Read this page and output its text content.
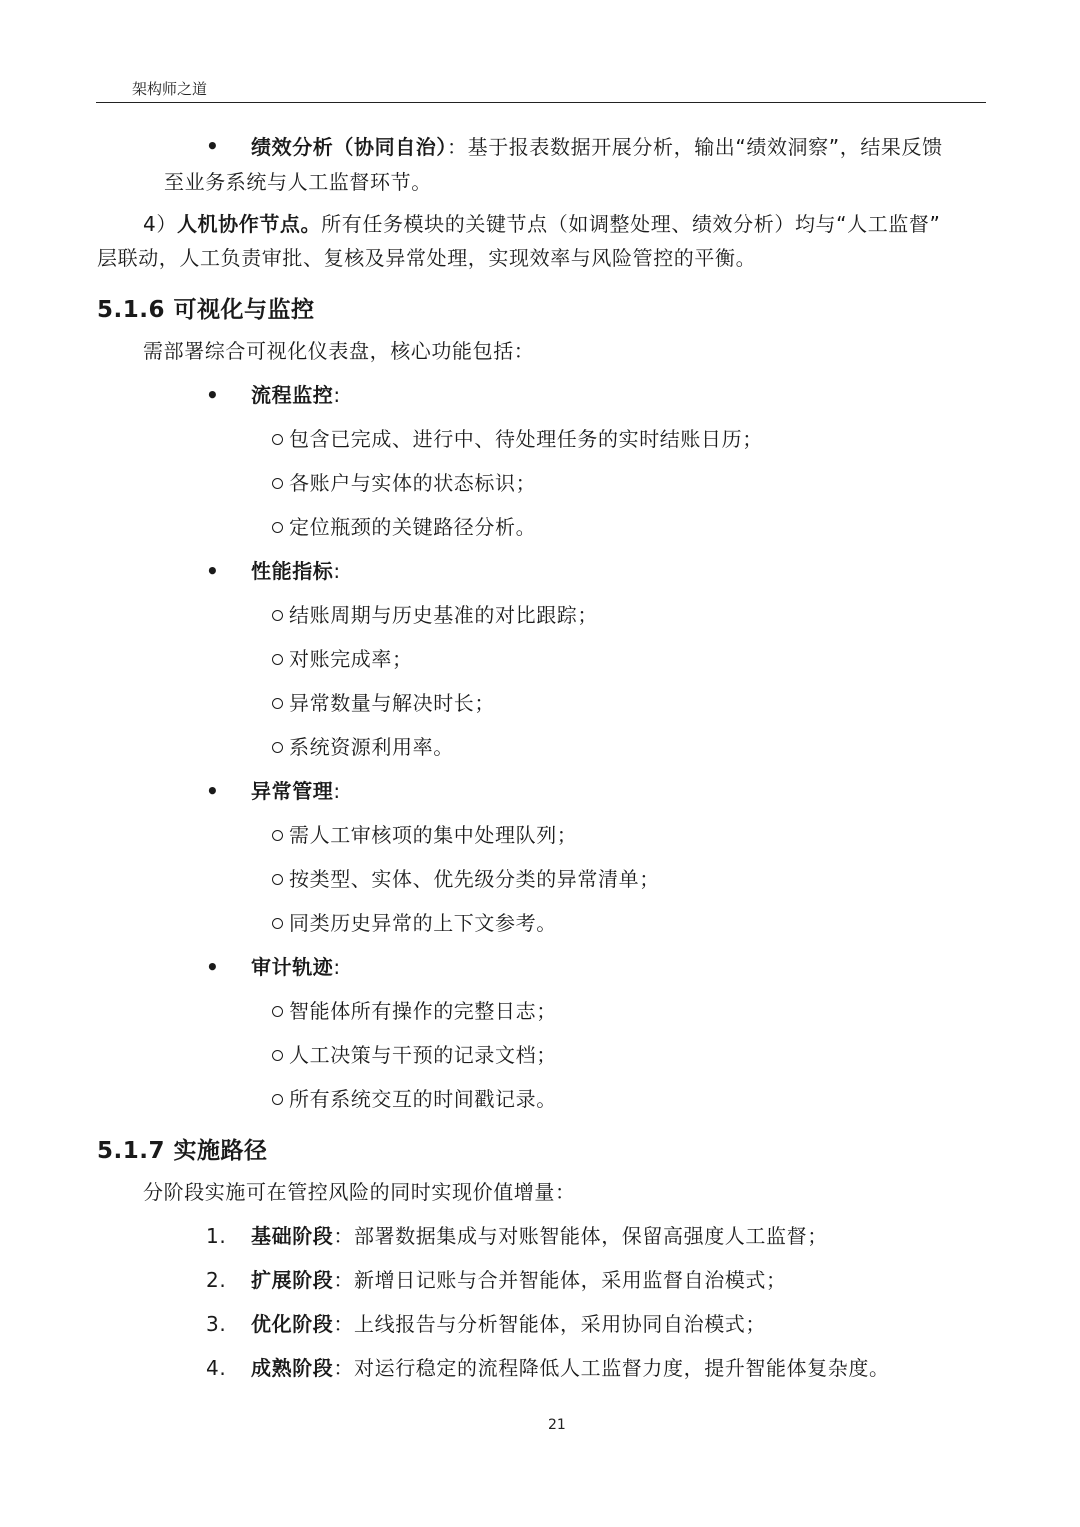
架构师之道
• 绩效分析（协同自治）：基于报表数据开展分析，输出“绩效洞察”，结果反馈
至业务系统与人工监督环节。
4）人机协作节点。所有任务模块的关键节点（如调整处理、绩效分析）均与“人工监督”
层联动，人工负责审批、复核及异常处理，实现效率与风险管控的平衡。
5.1.6 可视化与监控
需部署综合可视化仪表盘，核心功能包括：
• 流程监控:
包含已完成、进行中、待处理任务的实时结账日历；
各账户与实体的状态标识；
定位瓶颈的关键路径分析。
• 性能指标:
结账周期与历史基准的对比跟踪；
对账完成率；
异常数量与解决时长；
系统资源利用率。
• 异常管理:
需人工审核项的集中处理队列；
按类型、实体、优先级分类的异常清单；
同类历史异常的上下文参考。
• 审计轨迹:
智能体所有操作的完整日志；
人工决策与干预的记录文档；
所有系统交互的时间戳记录。
5.1.7 实施路径
分阶段实施可在管控风险的同时实现价值增量：
1. 基础阶段：部署数据集成与对账智能体，保留高强度人工监督；
2. 扩展阶段：新增日记账与合并智能体，采用监督自治模式；
3. 优化阶段：上线报告与分析智能体，采用协同自治模式；
4. 成熟阶段：对运行稳定的流程降低人工监督力度，提升智能体复杂度。
21
